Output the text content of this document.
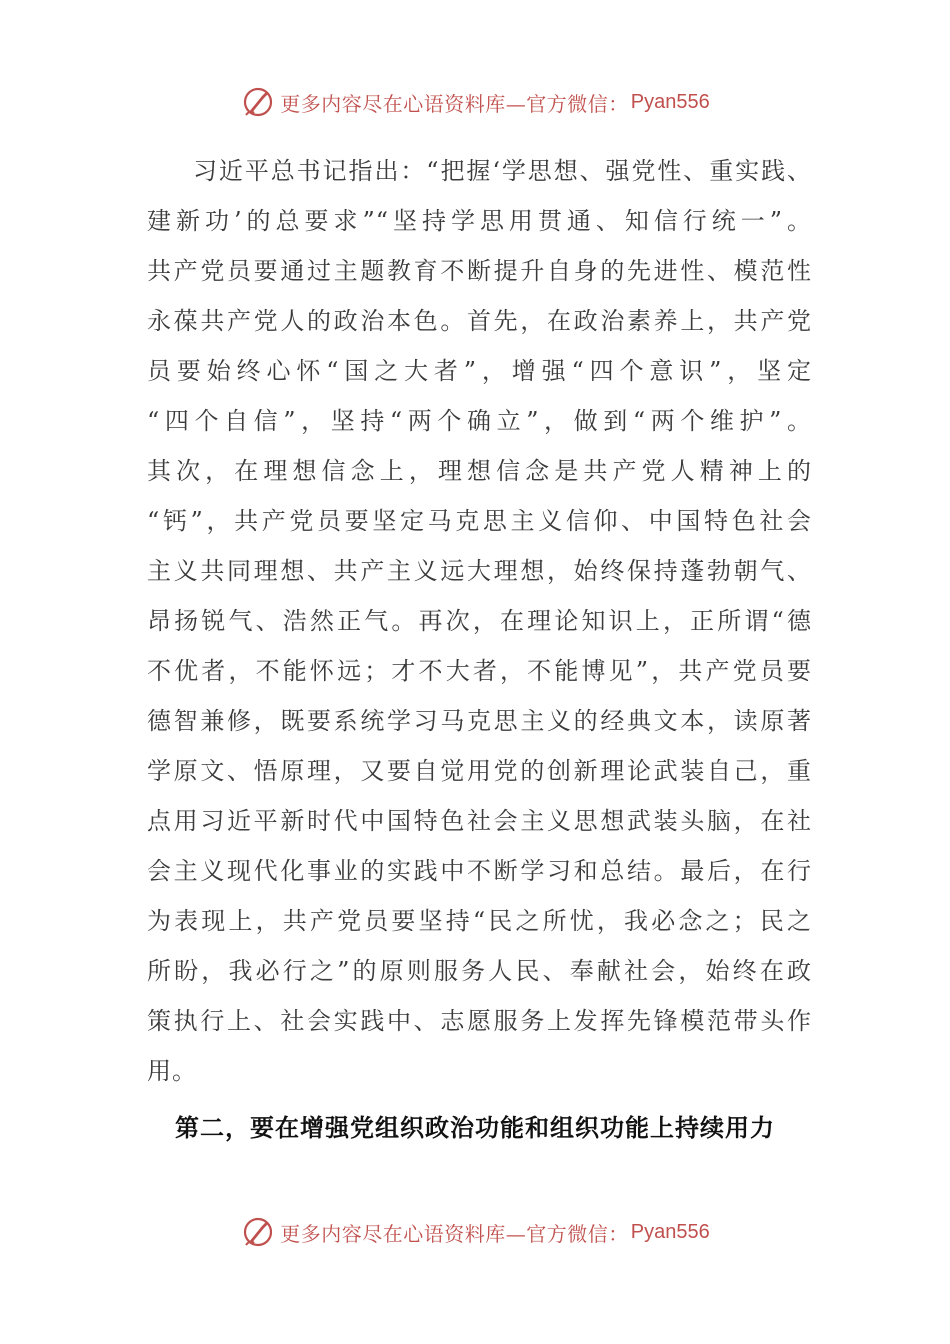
更多内容尽在心语资料库—官方微信： Pyan556
习近平总书记指出：“把握‘学思想、强党性、重实践、
建新功’的总要求”“坚持学思用贯通、知信行统一”。
共产党员要通过主题教育不断提升自身的先进性、模范性
永葆共产党人的政治本色。首先，在政治素养上，共产党
员要始终心怀“国之大者”，增强“四个意识”，坚定
“四个自信”，坚持“两个确立”，做到“两个维护”。
其次，在理想信念上，理想信念是共产党人精神上的
“钙”，共产党员要坚定马克思主义信仰、中国特色社会
主义共同理想、共产主义远大理想，始终保持蓬勃朝气、
昂扬锐气、浩然正气。再次，在理论知识上，正所谓“德
不优者，不能怀远；才不大者，不能博见”，共产党员要
德智兼修，既要系统学习马克思主义的经典文本，读原著
学原文、悟原理，又要自觉用党的创新理论武装自己，重
点用习近平新时代中国特色社会主义思想武装头脑，在社
会主义现代化事业的实践中不断学习和总结。最后，在行
为表现上，共产党员要坚持“民之所忧，我必念之；民之
所盼，我必行之”的原则服务人民、奉献社会，始终在政
策执行上、社会实践中、志愿服务上发挥先锋模范带头作
用。
第二，要在增强党组织政治功能和组织功能上持续用力
更多内容尽在心语资料库—官方微信： Pyan556
